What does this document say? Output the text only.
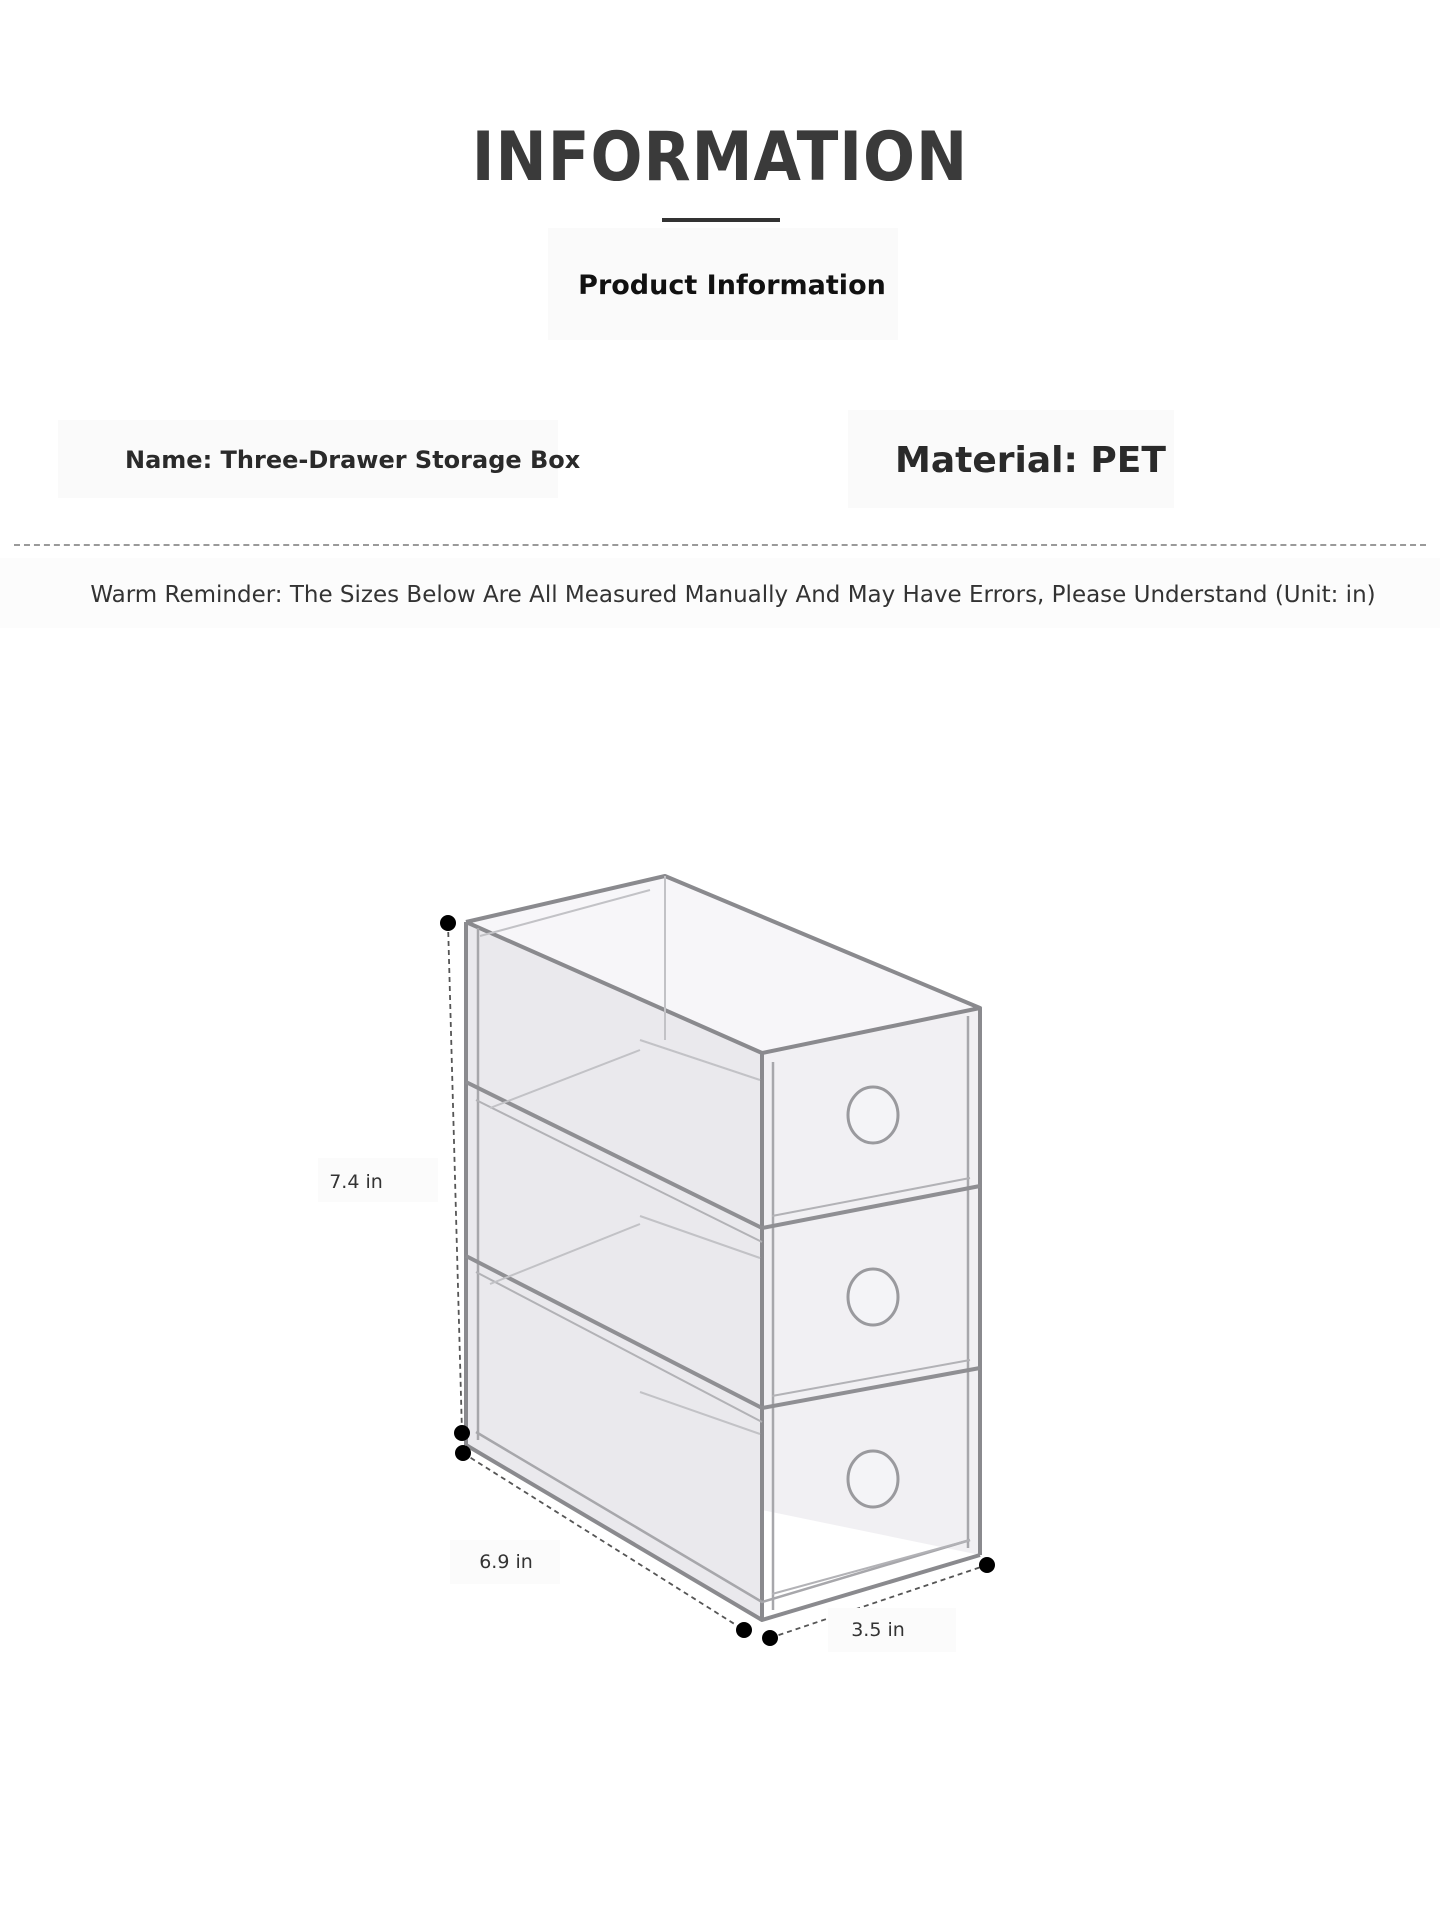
INFORMATION
Product Information
Name: Three-Drawer Storage Box	Material: PET
Warm Reminder: The Sizes Below Are All Measured Manually And May Have Errors, Please Understand (Unit: in)
7.4 in
6.9 in
3.5 in
